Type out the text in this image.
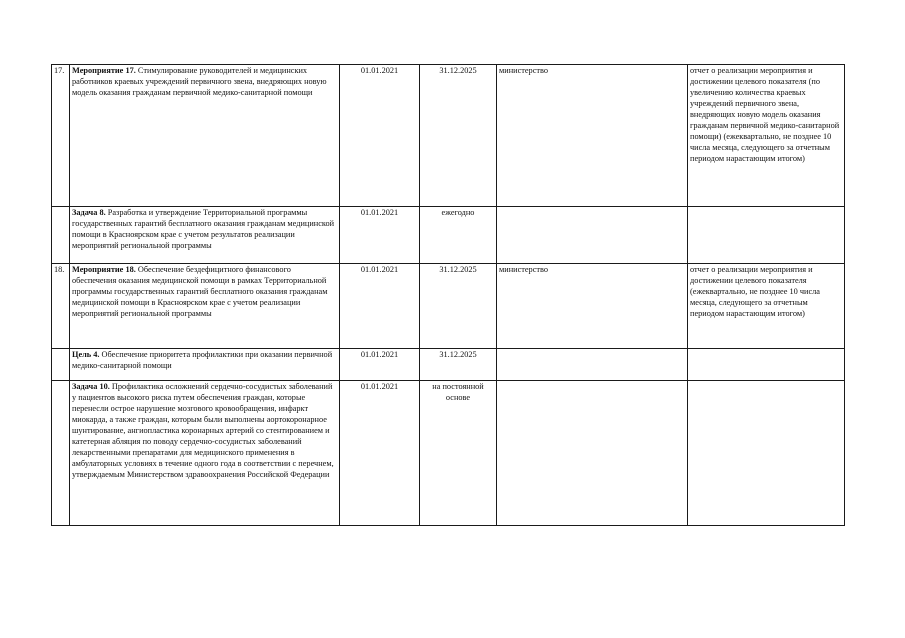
17.	Мероприятие 17. Стимулирование руководителей и медицинских работников краевых учреждений первичного звена, внедряющих новую модель оказания гражданам первичной медико-санитарной помощи	01.01.2021	31.12.2025	министерство	отчет о реализации мероприятия и достижении целевого показателя (по увеличению количества краевых учреждений первичного звена, внедряющих новую модель оказания гражданам первичной медико-санитарной помощи) (ежеквартально, не позднее 10 числа месяца, следующего за отчетным периодом нарастающим итогом)
	Задача 8. Разработка и утверждение Территориальной программы государственных гарантий бесплатного оказания гражданам медицинской помощи в Красноярском крае с учетом результатов реализации мероприятий региональной программы	01.01.2021	ежегодно		
18.	Мероприятие 18. Обеспечение бездефицитного финансового обеспечения оказания медицинской помощи в рамках Территориальной программы государственных гарантий бесплатного оказания гражданам медицинской помощи в Красноярском крае с учетом реализации мероприятий региональной программы	01.01.2021	31.12.2025	министерство	отчет о реализации мероприятия и достижении целевого показателя (ежеквартально, не позднее 10 числа месяца, следующего за отчетным периодом нарастающим итогом)
	Цель 4. Обеспечение приоритета профилактики при оказании первичной медико-санитарной помощи	01.01.2021	31.12.2025		
	Задача 10. Профилактика осложнений сердечно-сосудистых заболеваний у пациентов высокого риска путем обеспечения граждан, которые перенесли острое нарушение мозгового кровообращения, инфаркт миокарда, а также граждан, которым были выполнены аортокоронарное шунтирование, ангиопластика коронарных артерий со стентированием и катетерная абляция по поводу сердечно-сосудистых заболеваний лекарственными препаратами для медицинского применения в амбулаторных условиях в течение одного года в соответствии с перечнем, утверждаемым Министерством здравоохранения Российской Федерации	01.01.2021	на постоянной основе		
